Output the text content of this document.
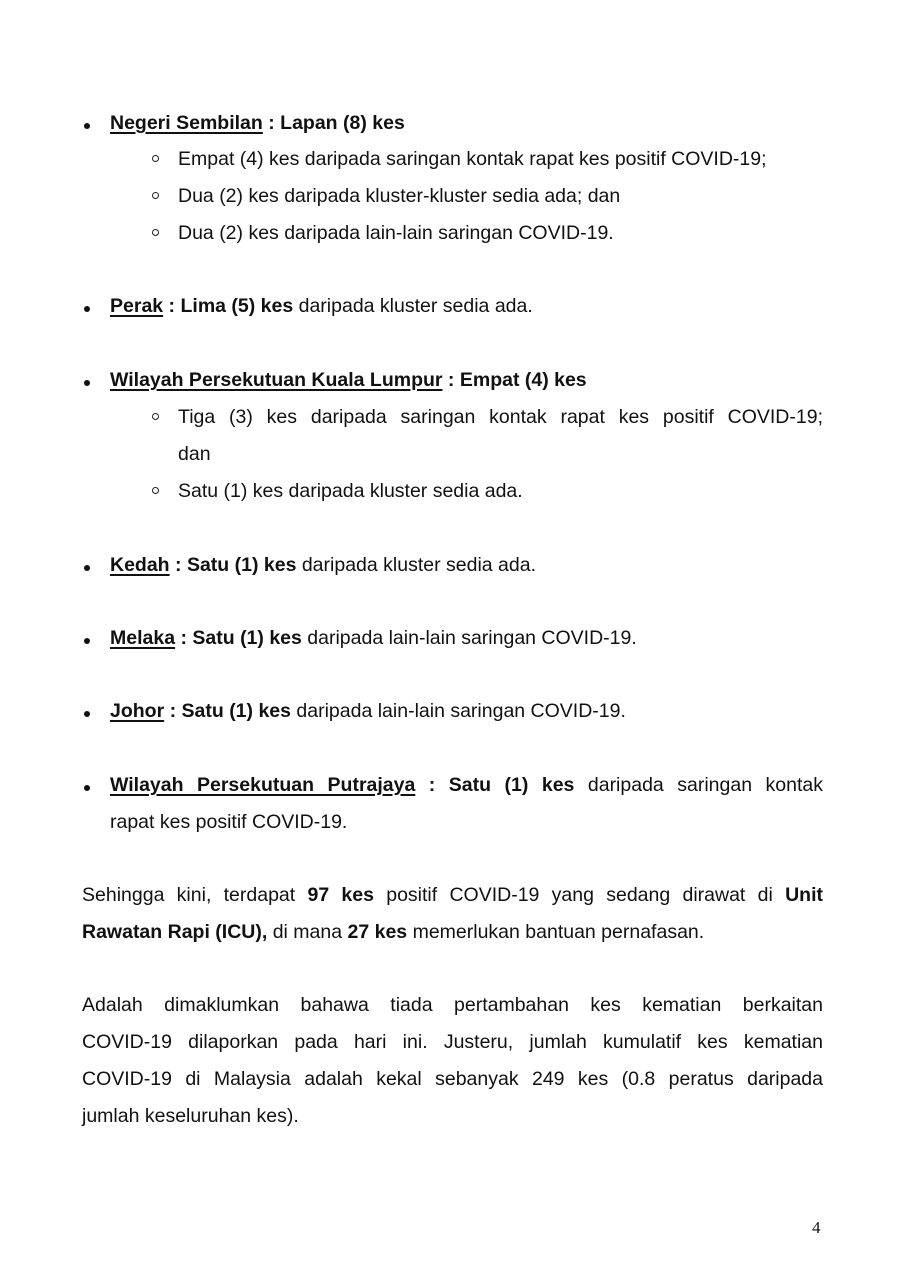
Negeri Sembilan : Lapan (8) kes
Empat (4) kes daripada saringan kontak rapat kes positif COVID-19;
Dua (2) kes daripada kluster-kluster sedia ada; dan
Dua (2) kes daripada lain-lain saringan COVID-19.
Perak : Lima (5) kes daripada kluster sedia ada.
Wilayah Persekutuan Kuala Lumpur : Empat (4) kes
Tiga (3) kes daripada saringan kontak rapat kes positif COVID-19;
dan
Satu (1) kes daripada kluster sedia ada.
Kedah : Satu (1) kes daripada kluster sedia ada.
Melaka : Satu (1) kes daripada lain-lain saringan COVID-19.
Johor : Satu (1) kes daripada lain-lain saringan COVID-19.
Wilayah Persekutuan Putrajaya : Satu (1) kes daripada saringan kontak
rapat kes positif COVID-19.
Sehingga kini, terdapat 97 kes positif COVID-19 yang sedang dirawat di Unit
Rawatan Rapi (ICU), di mana 27 kes memerlukan bantuan pernafasan.
Adalah dimaklumkan bahawa tiada pertambahan kes kematian berkaitan
COVID-19 dilaporkan pada hari ini. Justeru, jumlah kumulatif kes kematian
COVID-19 di Malaysia adalah kekal sebanyak 249 kes (0.8 peratus daripada
jumlah keseluruhan kes).
4
